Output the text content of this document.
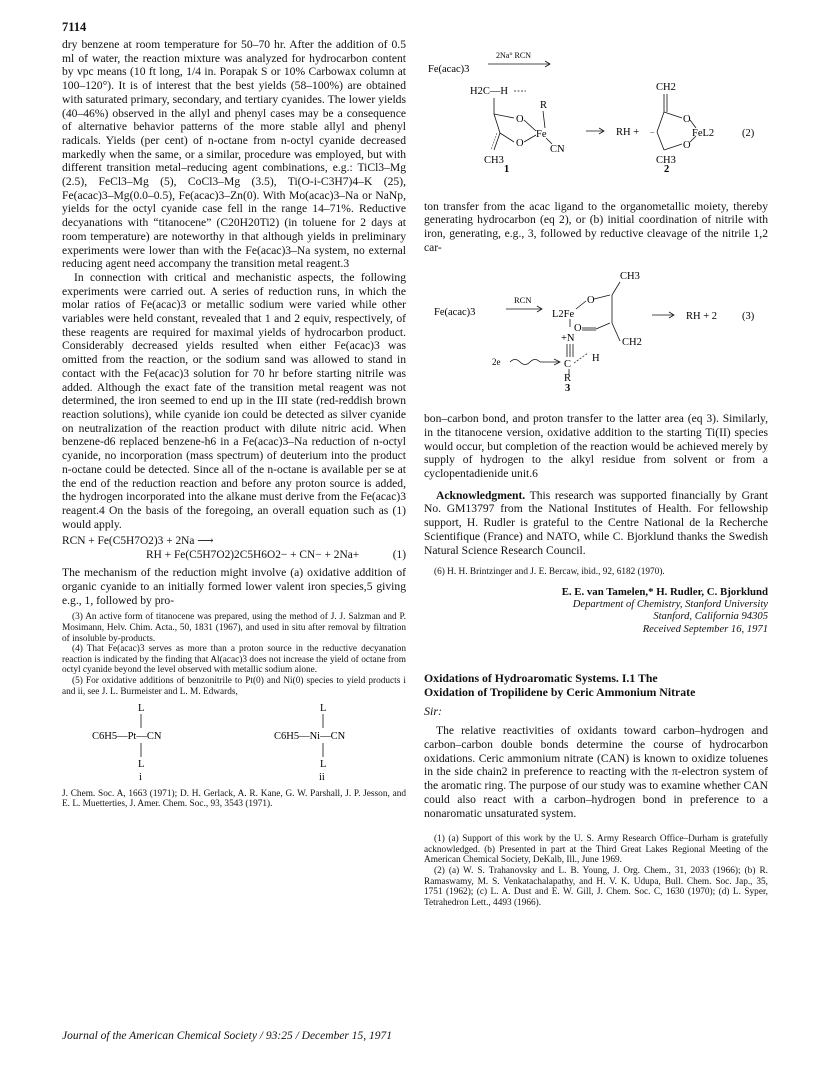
7114

dry benzene at room temperature for 50–70 hr. After the addition of 0.5 ml of water, the reaction mixture was analyzed for hydrocarbon content by vpc means (10 ft long, 1/4 in. Porapak S or 10% Carbowax column at 100–120°). It is of interest that the best yields (58–100%) are obtained with saturated primary, secondary, and tertiary cyanides. The lower yields (40–46%) observed in the allyl and phenyl cases may be a consequence of alternative behavior patterns of the more stable allyl and phenyl radicals. Yields (per cent) of n-octane from n-octyl cyanide decreased markedly when the same, or a similar, procedure was employed, but with different transition metal–reducing agent combinations, e.g.: TiCl3–Mg (2.5), FeCl3–Mg (5), CoCl3–Mg (3.5), Ti(O-i-C3H7)4–K (25), Fe(acac)3–Mg(0.0–0.5), Fe(acac)3–Zn(0). With Mo(acac)3–Na or NaNp, yields for the octyl cyanide case fell in the range 14–71%. Reductive decyanations with “titanocene” (C20H20Ti2) (in toluene for 2 days at room temperature) are noteworthy in that although yields in preliminary experiments were lower than with the Fe(acac)3–Na system, no external reducing agent need accompany the transition metal reagent.3

In connection with critical and mechanistic aspects, the following experiments were carried out. A series of reduction runs, in which the molar ratios of Fe(acac)3 or metallic sodium were varied while other variables were held constant, revealed that 1 and 2 equiv, respectively, of these reagents are required for maximal yields of hydrocarbon product. Considerably decreased yields resulted when either Fe(acac)3 was omitted from the reaction, or the sodium sand was allowed to stand in contact with the Fe(acac)3 solution for 70 hr before starting nitrile was added. Although the exact fate of the transition metal reagent was not determined, the iron seemed to end up in the III state (red-reddish brown reaction solutions), while cyanide ion could be detected as silver cyanide on neutralization of the reaction product with dilute nitric acid. When benzene-d6 replaced benzene-h6 in a Fe(acac)3–Na reduction of n-octyl cyanide, no incorporation (mass spectrum) of deuterium into the product n-octane could be detected. Since all of the n-octane is available per se at the end of the reduction reaction and before any proton source is added, the hydrogen incorporated into the alkane must derive from the Fe(acac)3 reagent.4 On the basis of the foregoing, an overall equation such as (1) would apply.

RCN + Fe(C5H7O2)3 + 2Na ⟶
RH + Fe(C5H7O2)2C5H6O2− + CN− + 2Na+	(1)

The mechanism of the reduction might involve (a) oxidative addition of organic cyanide to an initially formed lower valent iron species,5 giving e.g., 1, followed by pro-

(3) An active form of titanocene was prepared, using the method of J. J. Salzman and P. Mosimann, Helv. Chim. Acta., 50, 1831 (1967), and used in situ after removal by filtration of insoluble by-products.

(4) That Fe(acac)3 serves as more than a proton source in the reductive decyanation reaction is indicated by the finding that Al(acac)3 does not increase the yield of octane from octyl cyanide beyond the level observed with metallic sodium alone.

(5) For oxidative additions of benzonitrile to Pt(0) and Ni(0) species to yield products i and ii, see J. L. Burmeister and L. M. Edwards,

L
C6H5—Pt—CN
L
i
L
C6H5—Ni—CN
L
ii

J. Chem. Soc. A, 1663 (1971); D. H. Gerlack, A. R. Kane, G. W. Parshall, J. P. Jesson, and E. L. Muetterties, J. Amer. Chem. Soc., 93, 3543 (1971).

Fe(acac)3
2Na° RCN
H2C—H
O
O
Fe
R
CN
CH3
1
RH +
CH2
−
O
O
FeL2	(2)
CH3
2

ton transfer from the acac ligand to the organometallic moiety, thereby generating hydrocarbon (eq 2), or (b) initial coordination of nitrile with iron, generating, e.g., 3, followed by reductive cleavage of the nitrile 1,2 car-

Fe(acac)3
RCN
CH3
O
L2Fe
O
+N	CH2
2e	C
H
R
3
RH + 2 (3)

bon–carbon bond, and proton transfer to the latter area (eq 3). Similarly, in the titanocene version, oxidative addition to the starting Ti(II) species would occur, but completion of the reaction would be achieved merely by supply of hydrogen to the alkyl residue from solvent or from a cyclopentadienide unit.6

Acknowledgment. This research was supported financially by Grant No. GM13797 from the National Institutes of Health. For fellowship support, H. Rudler is grateful to the Centre National de la Recherche Scientifique (France) and NATO, while C. Bjorklund thanks the Swedish Natural Science Research Council.

(6) H. H. Brintzinger and J. E. Bercaw, ibid., 92, 6182 (1970).
E. E. van Tamelen,* H. Rudler, C. Bjorklund
Department of Chemistry, Stanford University
Stanford, California 94305
Received September 16, 1971
Oxidations of Hydroaromatic Systems. I.1 The
Oxidation of Tropilidene by Ceric Ammonium Nitrate
Sir:

The relative reactivities of oxidants toward carbon–hydrogen and carbon–carbon double bonds determine the course of hydrocarbon oxidations. Ceric ammonium nitrate (CAN) is known to oxidize toluenes in the side chain2 in preference to reacting with the π-electron system of the aromatic ring. The purpose of our study was to examine whether CAN could also react with a carbon–hydrogen bond in preference to a nonaromatic unsaturated system.

(1) (a) Support of this work by the U. S. Army Research Office–Durham is gratefully acknowledged. (b) Presented in part at the Third Great Lakes Regional Meeting of the American Chemical Society, DeKalb, Ill., June 1969.

(2) (a) W. S. Trahanovsky and L. B. Young, J. Org. Chem., 31, 2033 (1966); (b) R. Ramaswamy, M. S. Venkatachalapathy, and H. V. K. Udupa, Bull. Chem. Soc. Jap., 35, 1751 (1962); (c) L. A. Dust and E. W. Gill, J. Chem. Soc. C, 1630 (1970); (d) L. Syper, Tetrahedron Lett., 4493 (1966).

Journal of the American Chemical Society / 93:25 / December 15, 1971
